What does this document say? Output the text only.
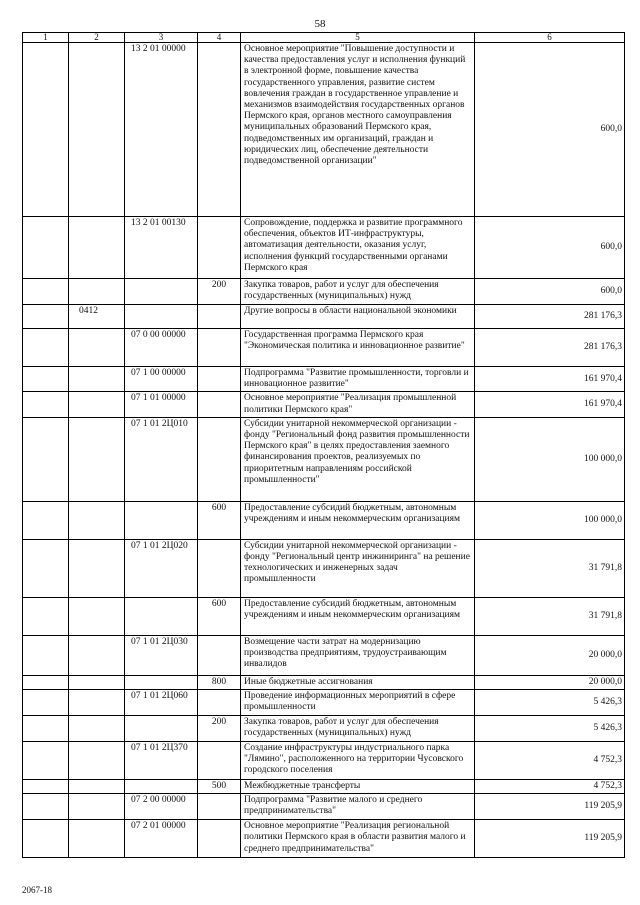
58
1	2	3	4	5	6
		13 2 01 00000		Основное мероприятие "Повышение доступности и качества предоставления услуг и исполнения функций в электронной форме, повышение качества государственного управления, развитие систем вовлечения граждан в государственное управление и механизмов взаимодействия государственных органов Пермского края, органов местного самоуправления муниципальных образований Пермского края, подведомственных им организаций, граждан и юридических лиц, обеспечение деятельности подведомственной организации"	600,0
		13 2 01 00130		Сопровождение, поддержка и развитие программного обеспечения, объектов ИТ-инфраструктуры, автоматизация деятельности, оказания услуг, исполнения функций государственными органами Пермского края	600,0
			200	Закупка товаров, работ и услуг для обеспечения государственных (муниципальных) нужд	600,0
	0412			Другие вопросы в области национальной экономики	281 176,3
		07 0 00 00000		Государственная программа Пермского края "Экономическая политика и инновационное развитие"	281 176,3
		07 1 00 00000		Подпрограмма "Развитие промышленности, торговли и инновационное развитие"	161 970,4
		07 1 01 00000		Основное мероприятие "Реализация промышленной политики Пермского края"	161 970,4
		07 1 01 2Ц010		Субсидии унитарной некоммерческой организации - фонду "Региональный фонд развития промышленности Пермского края" в целях предоставления заемного финансирования проектов, реализуемых по приоритетным направлениям российской промышленности"	100 000,0
			600	Предоставление субсидий бюджетным, автономным учреждениям и иным некоммерческим организациям	100 000,0
		07 1 01 2Ц020		Субсидии унитарной некоммерческой организации - фонду "Региональный центр инжиниринга" на решение технологических и инженерных задач промышленности	31 791,8
			600	Предоставление субсидий бюджетным, автономным учреждениям и иным некоммерческим организациям	31 791,8
		07 1 01 2Ц030		Возмещение части затрат на модернизацию производства предприятиям, трудоустраивающим инвалидов	20 000,0
			800	Иные бюджетные ассигнования	20 000,0
		07 1 01 2Ц060		Проведение информационных мероприятий в сфере промышленности	5 426,3
			200	Закупка товаров, работ и услуг для обеспечения государственных (муниципальных) нужд	5 426,3
		07 1 01 2Ц370		Создание инфраструктуры индустриального парка "Лямино", расположенного на территории Чусовского городского поселения	4 752,3
			500	Межбюджетные трансферты	4 752,3
		07 2 00 00000		Подпрограмма "Развитие малого и среднего предпринимательства"	119 205,9
		07 2 01 00000		Основное мероприятие "Реализация региональной политики Пермского края в области развития малого и среднего предпринимательства"	119 205,9
2067-18
